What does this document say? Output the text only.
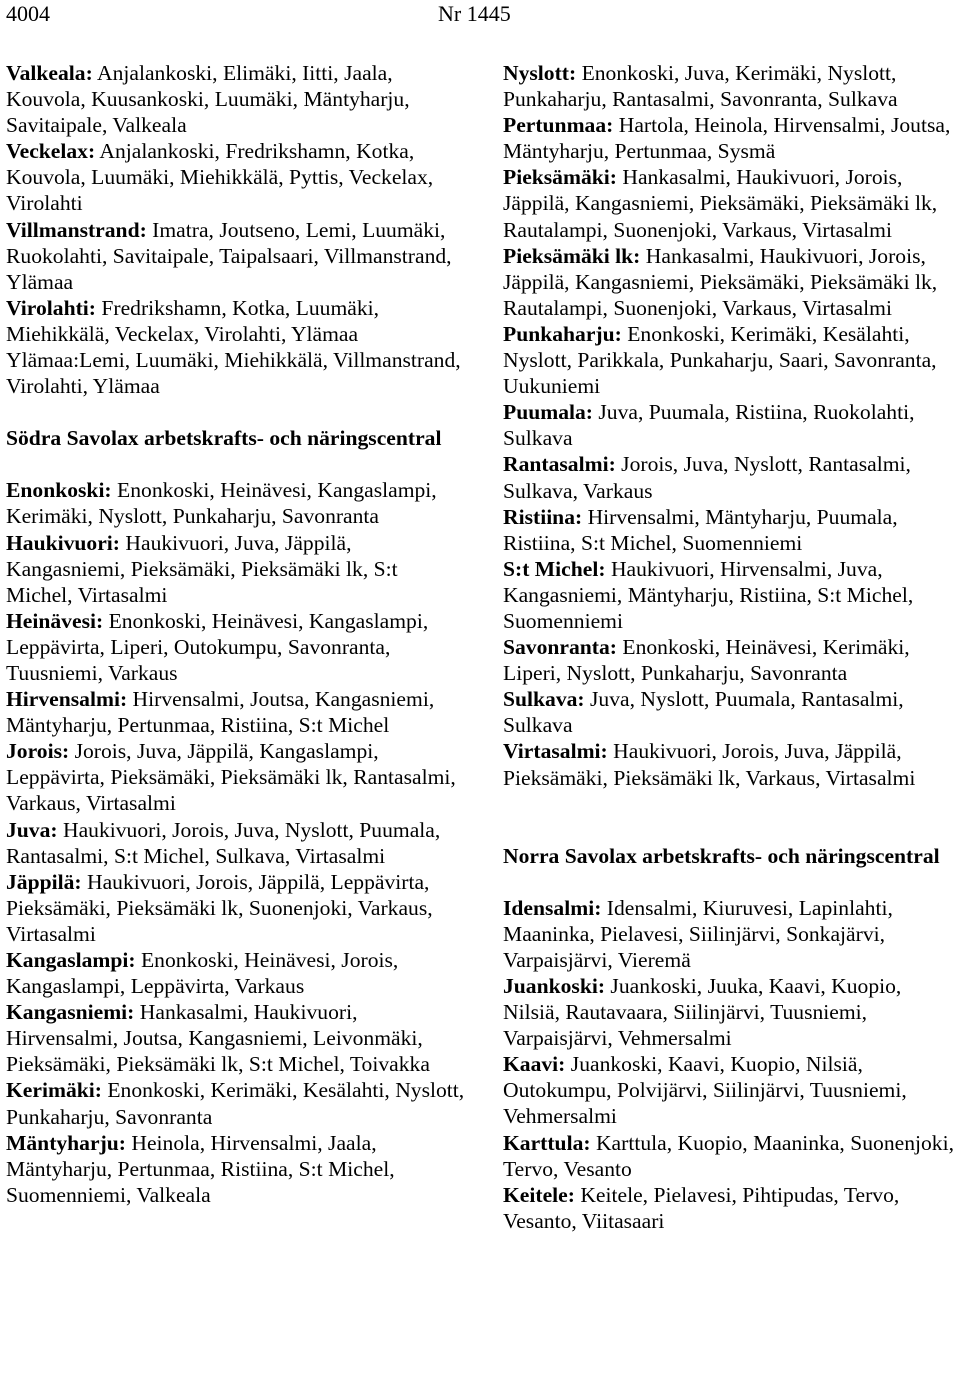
4004	Nr 1445

Valkeala: Anjalankoski, Elimäki, Iitti, Jaala, Kouvola, Kuusankoski, Luumäki, Mäntyharju, Savitaipale, Valkeala

Veckelax: Anjalankoski, Fredrikshamn, Kotka, Kouvola, Luumäki, Miehikkälä, Pyttis, Veckelax, Virolahti

Villmanstrand: Imatra, Joutseno, Lemi, Luumäki, Ruokolahti, Savitaipale, Taipalsaari, Villmanstrand, Ylämaa

Virolahti: Fredrikshamn, Kotka, Luumäki, Miehikkälä, Veckelax, Virolahti, Ylämaa

Ylämaa:Lemi, Luumäki, Miehikkälä, Villmanstrand, Virolahti, Ylämaa

Södra Savolax arbetskrafts- och näringscentral

Enonkoski: Enonkoski, Heinävesi, Kangaslampi, Kerimäki, Nyslott, Punkaharju, Savonranta

Haukivuori: Haukivuori, Juva, Jäppilä, Kangasniemi, Pieksämäki, Pieksämäki lk, S:t Michel, Virtasalmi

Heinävesi: Enonkoski, Heinävesi, Kangaslampi, Leppävirta, Liperi, Outokumpu, Savonranta, Tuusniemi, Varkaus

Hirvensalmi: Hirvensalmi, Joutsa, Kangasniemi, Mäntyharju, Pertunmaa, Ristiina, S:t Michel

Jorois: Jorois, Juva, Jäppilä, Kangaslampi, Leppävirta, Pieksämäki, Pieksämäki lk, Rantasalmi, Varkaus, Virtasalmi

Juva: Haukivuori, Jorois, Juva, Nyslott, Puumala, Rantasalmi, S:t Michel, Sulkava, Virtasalmi

Jäppilä: Haukivuori, Jorois, Jäppilä, Leppävirta, Pieksämäki, Pieksämäki lk, Suonenjoki, Varkaus, Virtasalmi

Kangaslampi: Enonkoski, Heinävesi, Jorois, Kangaslampi, Leppävirta, Varkaus

Kangasniemi: Hankasalmi, Haukivuori, Hirvensalmi, Joutsa, Kangasniemi, Leivonmäki, Pieksämäki, Pieksämäki lk, S:t Michel, Toivakka

Kerimäki: Enonkoski, Kerimäki, Kesälahti, Nyslott, Punkaharju, Savonranta

Mäntyharju: Heinola, Hirvensalmi, Jaala, Mäntyharju, Pertunmaa, Ristiina, S:t Michel, Suomenniemi, Valkeala

Nyslott: Enonkoski, Juva, Kerimäki, Nyslott, Punkaharju, Rantasalmi, Savonranta, Sulkava

Pertunmaa: Hartola, Heinola, Hirvensalmi, Joutsa, Mäntyharju, Pertunmaa, Sysmä

Pieksämäki: Hankasalmi, Haukivuori, Jorois, Jäppilä, Kangasniemi, Pieksämäki, Pieksämäki lk, Rautalampi, Suonenjoki, Varkaus, Virtasalmi

Pieksämäki lk: Hankasalmi, Haukivuori, Jorois, Jäppilä, Kangasniemi, Pieksämäki, Pieksämäki lk, Rautalampi, Suonenjoki, Varkaus, Virtasalmi

Punkaharju: Enonkoski, Kerimäki, Kesälahti, Nyslott, Parikkala, Punkaharju, Saari, Savonranta, Uukuniemi

Puumala: Juva, Puumala, Ristiina, Ruokolahti, Sulkava

Rantasalmi: Jorois, Juva, Nyslott, Rantasalmi, Sulkava, Varkaus

Ristiina: Hirvensalmi, Mäntyharju, Puumala, Ristiina, S:t Michel, Suomenniemi

S:t Michel: Haukivuori, Hirvensalmi, Juva, Kangasniemi, Mäntyharju, Ristiina, S:t Michel, Suomenniemi

Savonranta: Enonkoski, Heinävesi, Kerimäki, Liperi, Nyslott, Punkaharju, Savonranta

Sulkava: Juva, Nyslott, Puumala, Rantasalmi, Sulkava

Virtasalmi: Haukivuori, Jorois, Juva, Jäppilä, Pieksämäki, Pieksämäki lk, Varkaus, Virtasalmi

Norra Savolax arbetskrafts- och näringscentral

Idensalmi: Idensalmi, Kiuruvesi, Lapinlahti, Maaninka, Pielavesi, Siilinjärvi, Sonkajärvi, Varpaisjärvi, Vieremä

Juankoski: Juankoski, Juuka, Kaavi, Kuopio, Nilsiä, Rautavaara, Siilinjärvi, Tuusniemi, Varpaisjärvi, Vehmersalmi

Kaavi: Juankoski, Kaavi, Kuopio, Nilsiä, Outokumpu, Polvijärvi, Siilinjärvi, Tuusniemi, Vehmersalmi

Karttula: Karttula, Kuopio, Maaninka, Suonenjoki, Tervo, Vesanto

Keitele: Keitele, Pielavesi, Pihtipudas, Tervo, Vesanto, Viitasaari
